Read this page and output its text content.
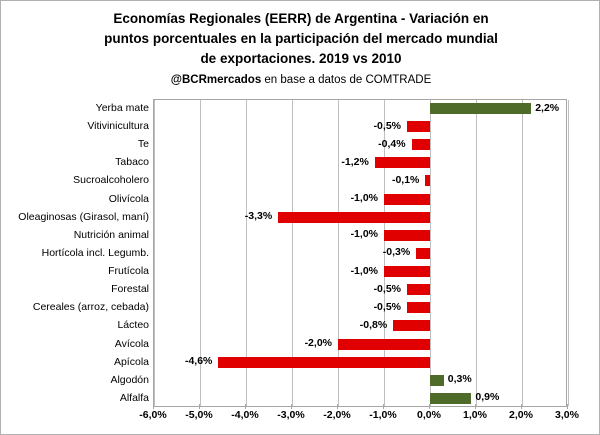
Economías Regionales (EERR) de Argentina - Variación en
puntos porcentuales en la participación del mercado mundial
de exportaciones. 2019 vs 2010
@BCRmercados en base a datos de COMTRADE
Yerba mate
Vitivinicultura
Te
Tabaco
Sucroalcoholero
Olivícola
Oleaginosas (Girasol, maní)
Nutrición animal
Hortícola incl. Legumb.
Frutícola
Forestal
Cereales (arroz, cebada)
Lácteo
Avícola
Apícola
Algodón
Alfalfa
2,2%
-0,5%
-0,4%
-1,2%
-0,1%
-1,0%
-3,3%
-1,0%
-0,3%
-1,0%
-0,5%
-0,5%
-0,8%
-2,0%
-4,6%
0,3%
0,9%
-6,0% -5,0% -4,0% -3,0% -2,0% -1,0% 0,0% 1,0% 2,0% 3,0%
